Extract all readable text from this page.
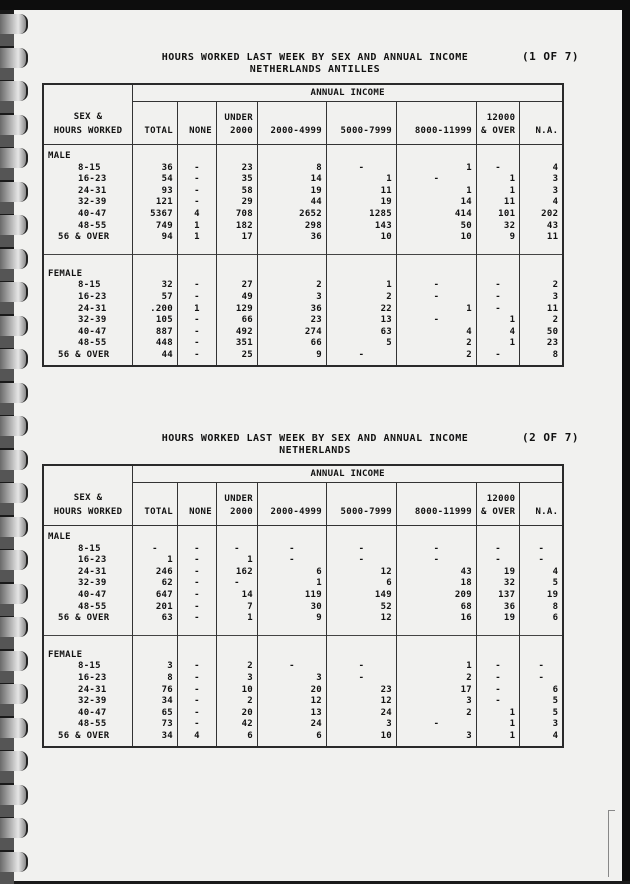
HOURS WORKED LAST WEEK BY SEX AND ANNUAL INCOME
NETHERLANDS ANTILLES
(1 OF 7)
SEX &
HOURS WORKED	ANNUAL INCOME							
	TOTAL	NONE	UNDER
2000	2000-4999	5000-7999	8000-11999	12000
& OVER	N.A.
MALE								
8-15	36	-	23	8	-	1	-	4
16-23	54	-	35	14	1	-	1	3
24-31	93	-	58	19	11	1	1	3
32-39	121	-	29	44	19	14	11	4
40-47	5367	4	708	2652	1285	414	101	202
48-55	749	1	182	298	143	50	32	43
56 & OVER	94	1	17	36	10	10	9	11

FEMALE								
8-15	32	-	27	2	1	-	-	2
16-23	57	-	49	3	2	-	-	3
24-31	.200	1	129	36	22	1	-	11
32-39	105	-	66	23	13	-	1	2
40-47	887	-	492	274	63	4	4	50
48-55	448	-	351	66	5	2	1	23
56 & OVER	44	-	25	9	-	2	-	8

HOURS WORKED LAST WEEK BY SEX AND ANNUAL INCOME
NETHERLANDS
(2 OF 7)
SEX &
HOURS WORKED	ANNUAL INCOME							
	TOTAL	NONE	UNDER
2000	2000-4999	5000-7999	8000-11999	12000
& OVER	N.A.
MALE								
8-15	-	-	-	-	-	-	-	-
16-23	1	-	1	-	-	-	-	-
24-31	246	-	162	6	12	43	19	4
32-39	62	-	-	1	6	18	32	5
40-47	647	-	14	119	149	209	137	19
48-55	201	-	7	30	52	68	36	8
56 & OVER	63	-	1	9	12	16	19	6

FEMALE								
8-15	3	-	2	-	-	1	-	-
16-23	8	-	3	3	-	2	-	-
24-31	76	-	10	20	23	17	-	6
32-39	34	-	2	12	12	3	-	5
40-47	65	-	20	13	24	2	1	5
48-55	73	-	42	24	3	-	1	3
56 & OVER	34	4	6	6	10	3	1	4
